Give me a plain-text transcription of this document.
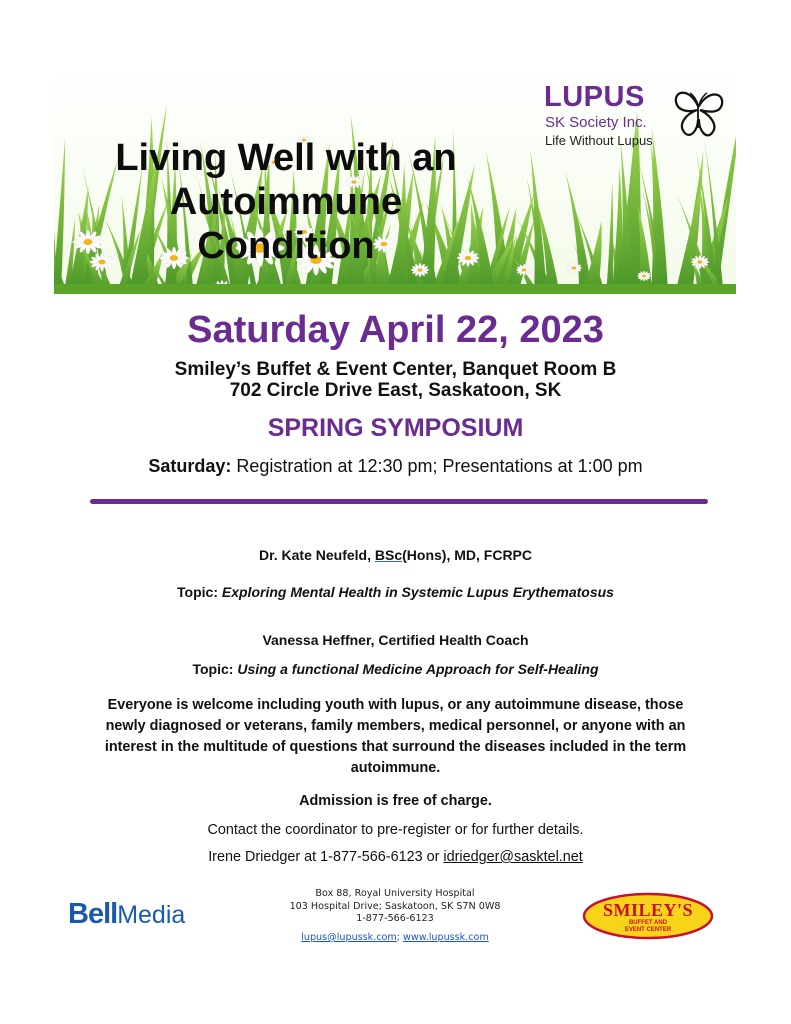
Living Well with an
Autoimmune
Condition
LUPUS
SK Society Inc.
Life Without Lupus
Saturday April 22, 2023
Smiley’s Buffet & Event Center, Banquet Room B
702 Circle Drive East, Saskatoon, SK
SPRING SYMPOSIUM
Saturday: Registration at 12:30 pm; Presentations at 1:00 pm
Dr. Kate Neufeld, BSc(Hons), MD, FCRPC
Topic: Exploring Mental Health in Systemic Lupus Erythematosus
Vanessa Heffner, Certified Health Coach
Topic: Using a functional Medicine Approach for Self-Healing
Everyone is welcome including youth with lupus, or any autoimmune disease, those newly diagnosed or veterans, family members, medical personnel, or anyone with an interest in the multitude of questions that surround the diseases included in the term autoimmune.
Admission is free of charge.
Contact the coordinator to pre-register or for further details.
Irene Driedger at 1-877-566-6123 or idriedger@sasktel.net
BellMedia
Box 88, Royal University Hospital
103 Hospital Drive; Saskatoon, SK S7N 0W8
1-877-566-6123
lupus@lupussk.com; www.lupussk.com
SMILEY'S
BUFFET AND
EVENT CENTER
